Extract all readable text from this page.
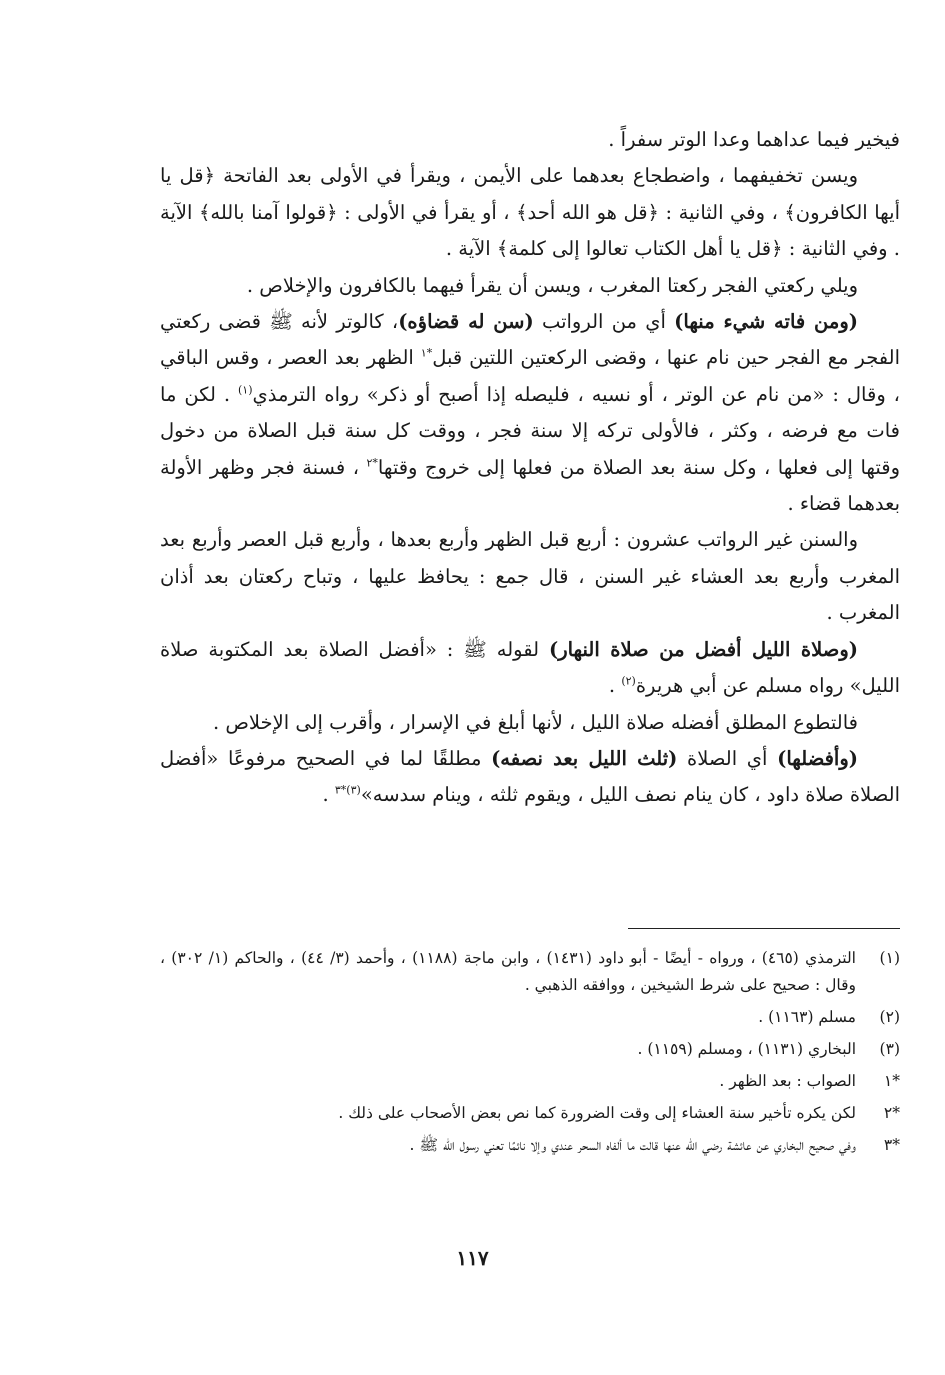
فيخير فيما عداهما وعدا الوتر سفراً .

ويسن تخفيفهما ، واضطجاع بعدهما على الأيمن ، ويقرأ في الأولى بعد الفاتحة ﴿قل يا أيها الكافرون﴾ ، وفي الثانية : ﴿قل هو الله أحد﴾ ، أو يقرأ في الأولى : ﴿قولوا آمنا بالله﴾ الآية . وفي الثانية : ﴿قل يا أهل الكتاب تعالوا إلى كلمة﴾ الآية .

ويلي ركعتي الفجر ركعتا المغرب ، ويسن أن يقرأ فيهما بالكافرون والإخلاص .

(ومن فاته شيء منها) أي من الرواتب (سن له قضاؤه)، كالوتر لأنه ﷺ قضى ركعتي الفجر مع الفجر حين نام عنها ، وقضى الركعتين اللتين قبل$^{*١}$ الظهر بعد العصر ، وقس الباقي ، وقال : «من نام عن الوتر ، أو نسيه ، فليصله إذا أصبح أو ذكر» رواه الترمذي$^{(١)}$ . لكن ما فات مع فرضه ، وكثر ، فالأولى تركه إلا سنة فجر ، ووقت كل سنة قبل الصلاة من دخول وقتها إلى فعلها ، وكل سنة بعد الصلاة من فعلها إلى خروج وقتها$^{*٢}$ ، فسنة فجر وظهر الأولة بعدهما قضاء .

والسنن غير الرواتب عشرون : أربع قبل الظهر وأربع بعدها ، وأربع قبل العصر وأربع بعد المغرب وأربع بعد العشاء غير السنن ، قال جمع : يحافظ عليها ، وتباح ركعتان بعد أذان المغرب .

(وصلاة الليل أفضل من صلاة النهار) لقوله ﷺ : «أفضل الصلاة بعد المكتوبة صلاة الليل» رواه مسلم عن أبي هريرة$^{(٢)}$ .

فالتطوع المطلق أفضله صلاة الليل ، لأنها أبلغ في الإسرار ، وأقرب إلى الإخلاص .

(وأفضلها) أي الصلاة (ثلث الليل بعد نصفه) مطلقًا لما في الصحيح مرفوعًا «أفضل الصلاة صلاة داود ، كان ينام نصف الليل ، ويقوم ثلثه ، وينام سدسه»$^{(٣)*٣}$ .

(١)
الترمذي (٤٦٥) ، ورواه - أيضًا - أبو داود (١٤٣١) ، وابن ماجة (١١٨٨) ، وأحمد (٣/ ٤٤) ، والحاكم (١/ ٣٠٢) ، وقال : صحيح على شرط الشيخين ، ووافقه الذهبي .
(٢)
مسلم (١١٦٣) .
(٣)
البخاري (١١٣١) ، ومسلم (١١٥٩) .
*١
الصواب : بعد الظهر .
*٢
لكن يكره تأخير سنة العشاء إلى وقت الضرورة كما نص بعض الأصحاب على ذلك .
*٣
وفي صحيح البخاري عن عائشة رضي الله عنها قالت ما ألفاه السحر عندي وإلا نائمًا تعني رسول الله ﷺ .
١١٧
